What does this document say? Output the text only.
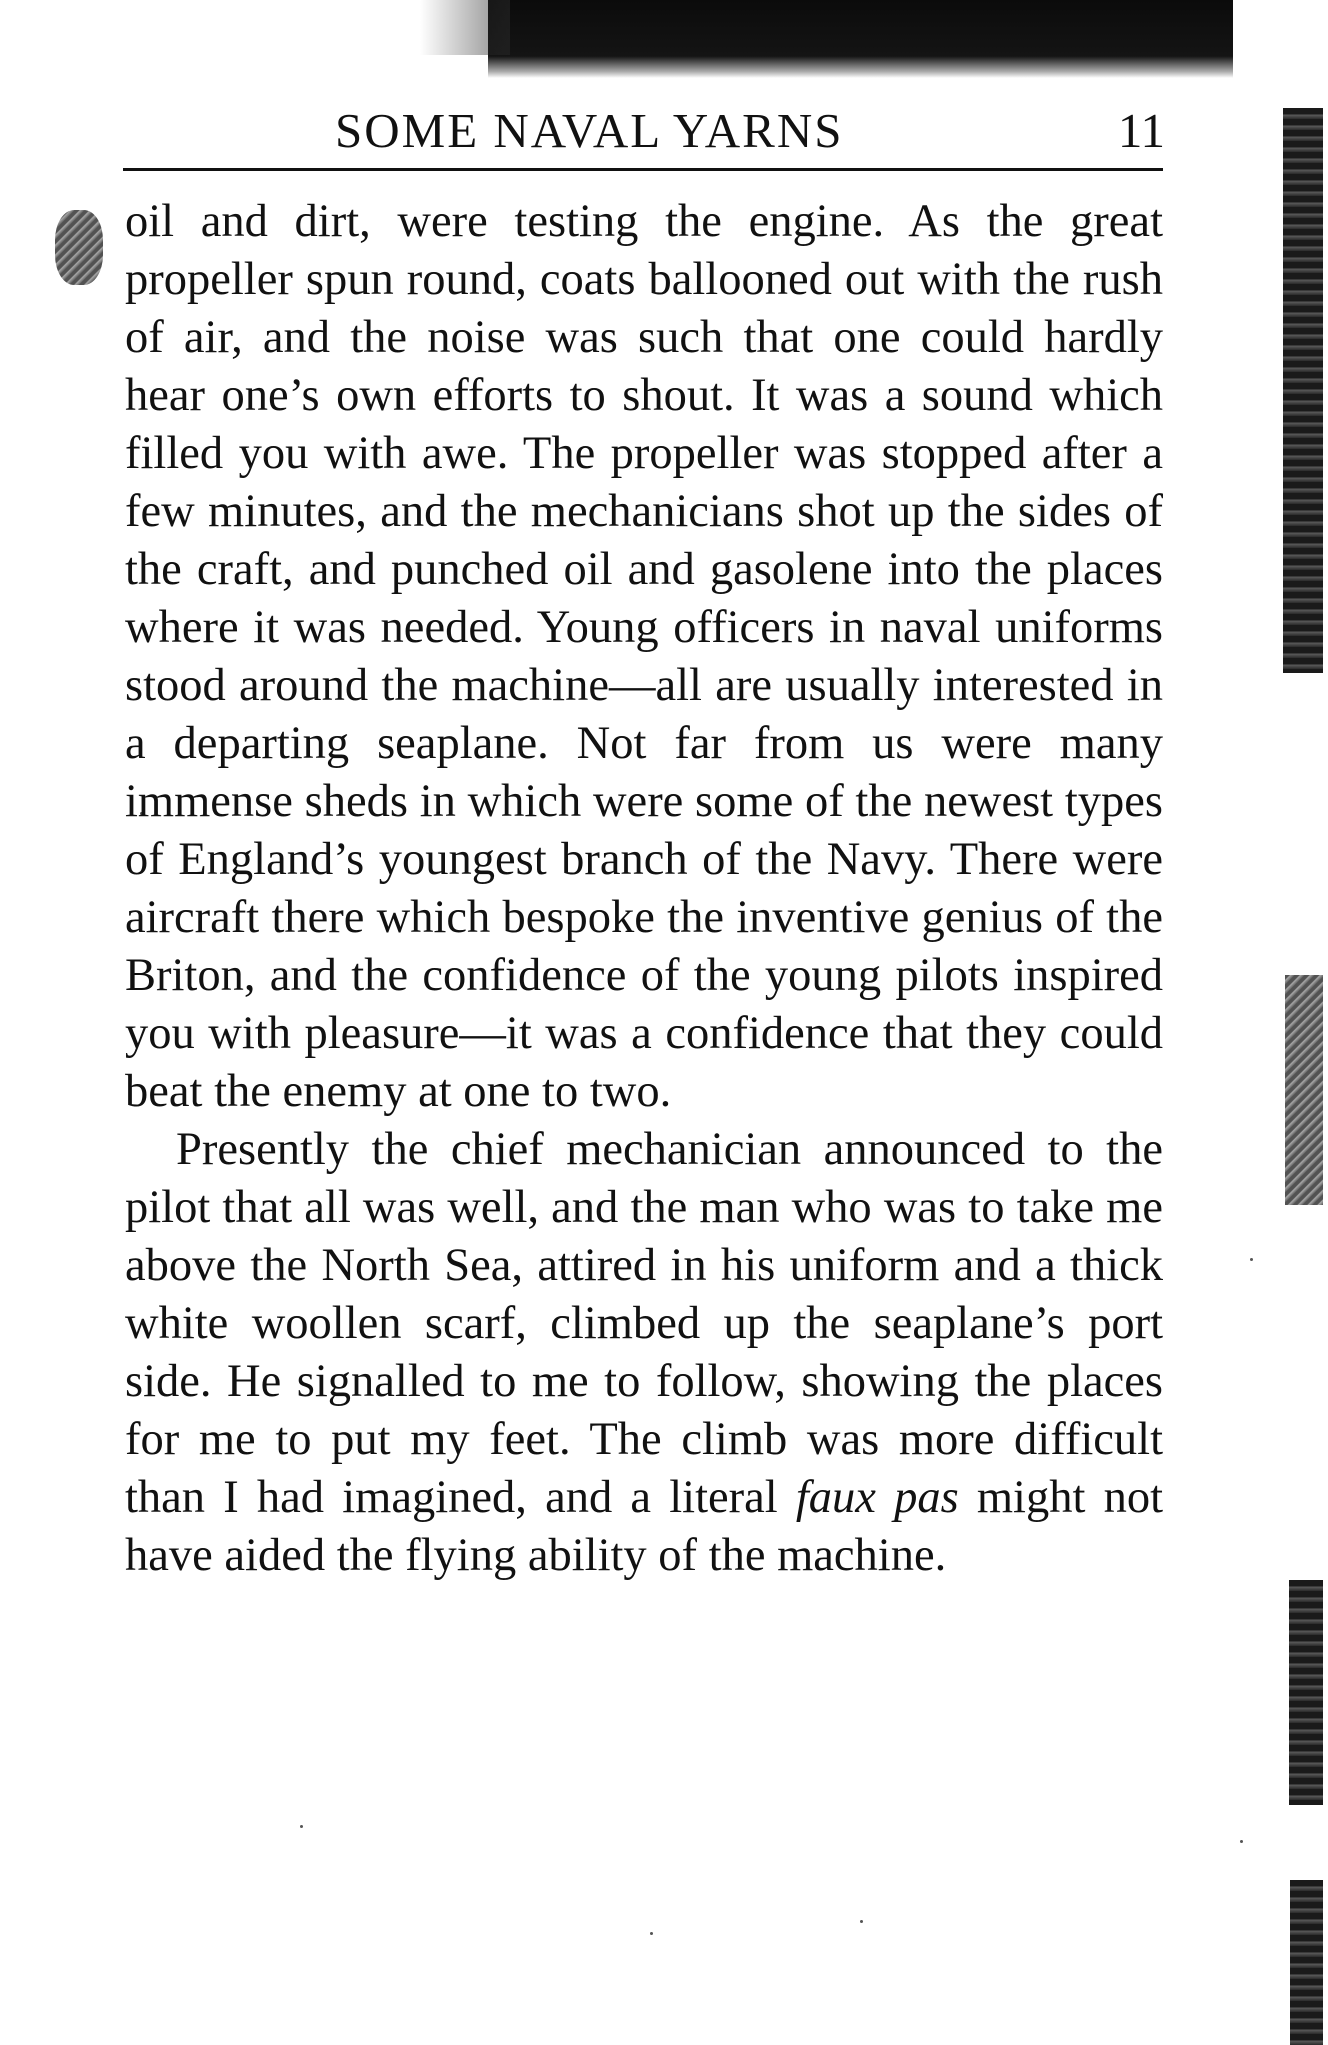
SOME NAVAL YARNS	11

oil and dirt, were testing the engine. As the great propeller spun round, coats ballooned out with the rush of air, and the noise was such that one could hardly hear one’s own efforts to shout. It was a sound which filled you with awe. The propeller was stopped after a few minutes, and the mechanicians shot up the sides of the craft, and punched oil and gasolene into the places where it was needed. Young officers in naval uniforms stood around the machine—all are usually interested in a departing seaplane. Not far from us were many immense sheds in which were some of the newest types of England’s youngest branch of the Navy. There were aircraft there which bespoke the inventive genius of the Briton, and the confidence of the young pilots inspired you with pleasure—it was a confidence that they could beat the enemy at one to two.

Presently the chief mechanician announced to the pilot that all was well, and the man who was to take me above the North Sea, attired in his uniform and a thick white woollen scarf, climbed up the seaplane’s port side. He signalled to me to follow, showing the places for me to put my feet. The climb was more difficult than I had imagined, and a literal faux pas might not have aided the flying ability of the machine.
